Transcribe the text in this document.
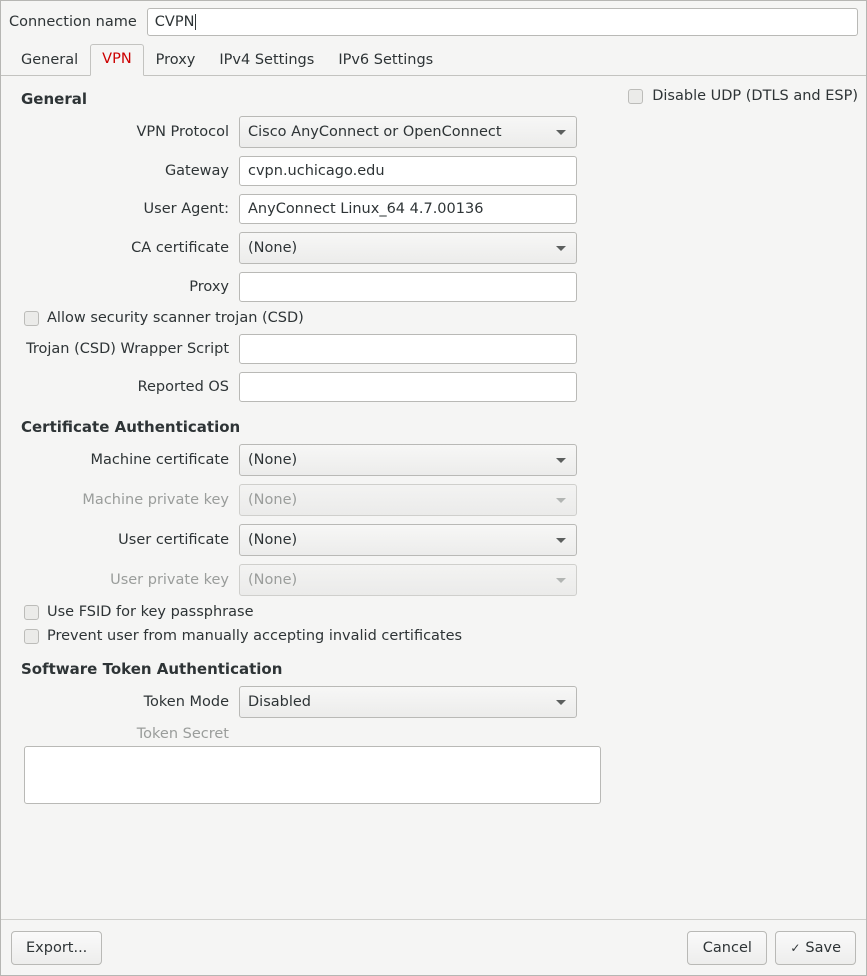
Connection name CVPN
General	VPN	Proxy	IPv4 Settings	IPv6 Settings
Disable UDP (DTLS and ESP)
General
VPN Protocol	Cisco AnyConnect or OpenConnect
Gateway	cvpn.uchicago.edu
User Agent:	AnyConnect Linux_64 4.7.00136
CA certificate	(None)
Proxy
Allow security scanner trojan (CSD)
Trojan (CSD) Wrapper Script
Reported OS
Certificate Authentication
Machine certificate	(None)
Machine private key	(None)
User certificate	(None)
User private key	(None)
Use FSID for key passphrase
Prevent user from manually accepting invalid certificates
Software Token Authentication
Token Mode	Disabled
Token Secret
Export...	Cancel	✓ Save
